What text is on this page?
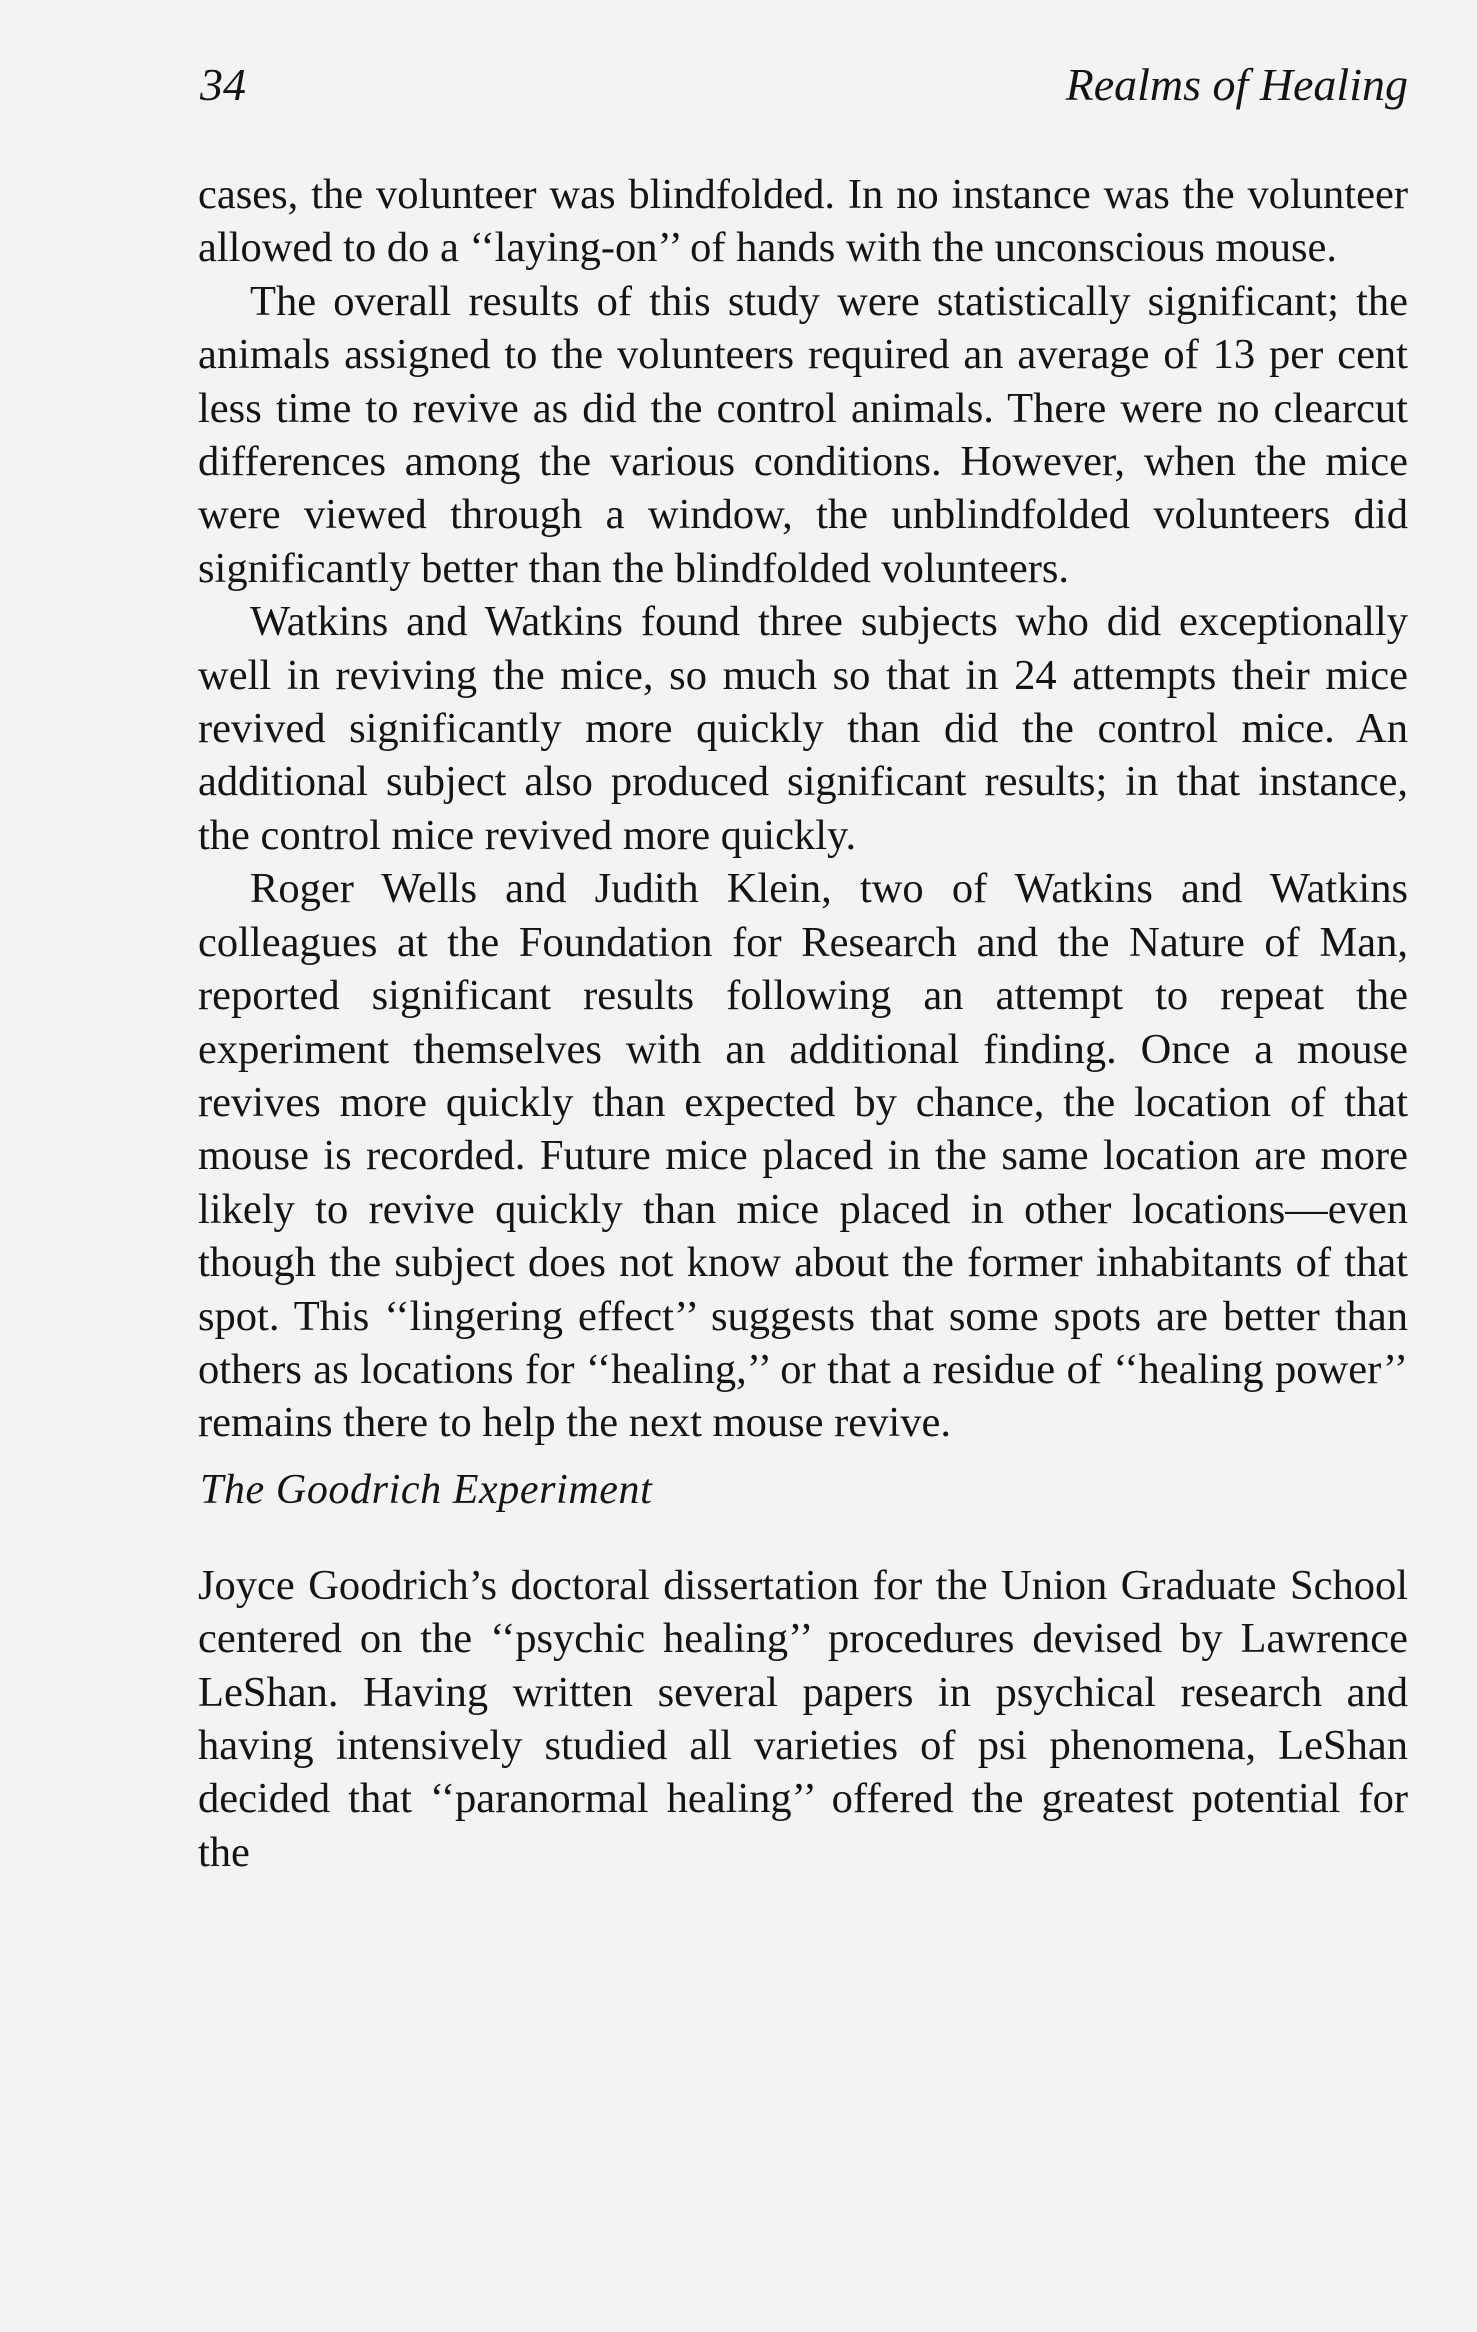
34	Realms of Healing

cases, the volunteer was blindfolded. In no instance was the volunteer allowed to do a ‘‘laying-on’’ of hands with the unconscious mouse.

The overall results of this study were statistically significant; the animals assigned to the volunteers required an average of 13 per cent less time to revive as did the control animals. There were no clearcut differences among the various conditions. However, when the mice were viewed through a window, the unblindfolded volunteers did significantly better than the blindfolded volunteers.

Watkins and Watkins found three subjects who did exceptionally well in reviving the mice, so much so that in 24 attempts their mice revived significantly more quickly than did the control mice. An additional subject also produced significant results; in that instance, the control mice revived more quickly.

Roger Wells and Judith Klein, two of Watkins and Watkins colleagues at the Foundation for Research and the Nature of Man, reported significant results following an attempt to repeat the experiment themselves with an additional finding. Once a mouse revives more quickly than expected by chance, the location of that mouse is recorded. Future mice placed in the same location are more likely to revive quickly than mice placed in other locations—even though the subject does not know about the former inhabitants of that spot. This ‘‘lingering effect’’ suggests that some spots are better than others as locations for ‘‘healing,’’ or that a residue of ‘‘healing power’’ remains there to help the next mouse revive.

The Goodrich Experiment

Joyce Goodrich’s doctoral dissertation for the Union Graduate School centered on the ‘‘psychic healing’’ procedures devised by Lawrence LeShan. Having written several papers in psychical research and having intensively studied all varieties of psi phenomena, LeShan decided that ‘‘paranormal healing’’ offered the greatest potential for the
